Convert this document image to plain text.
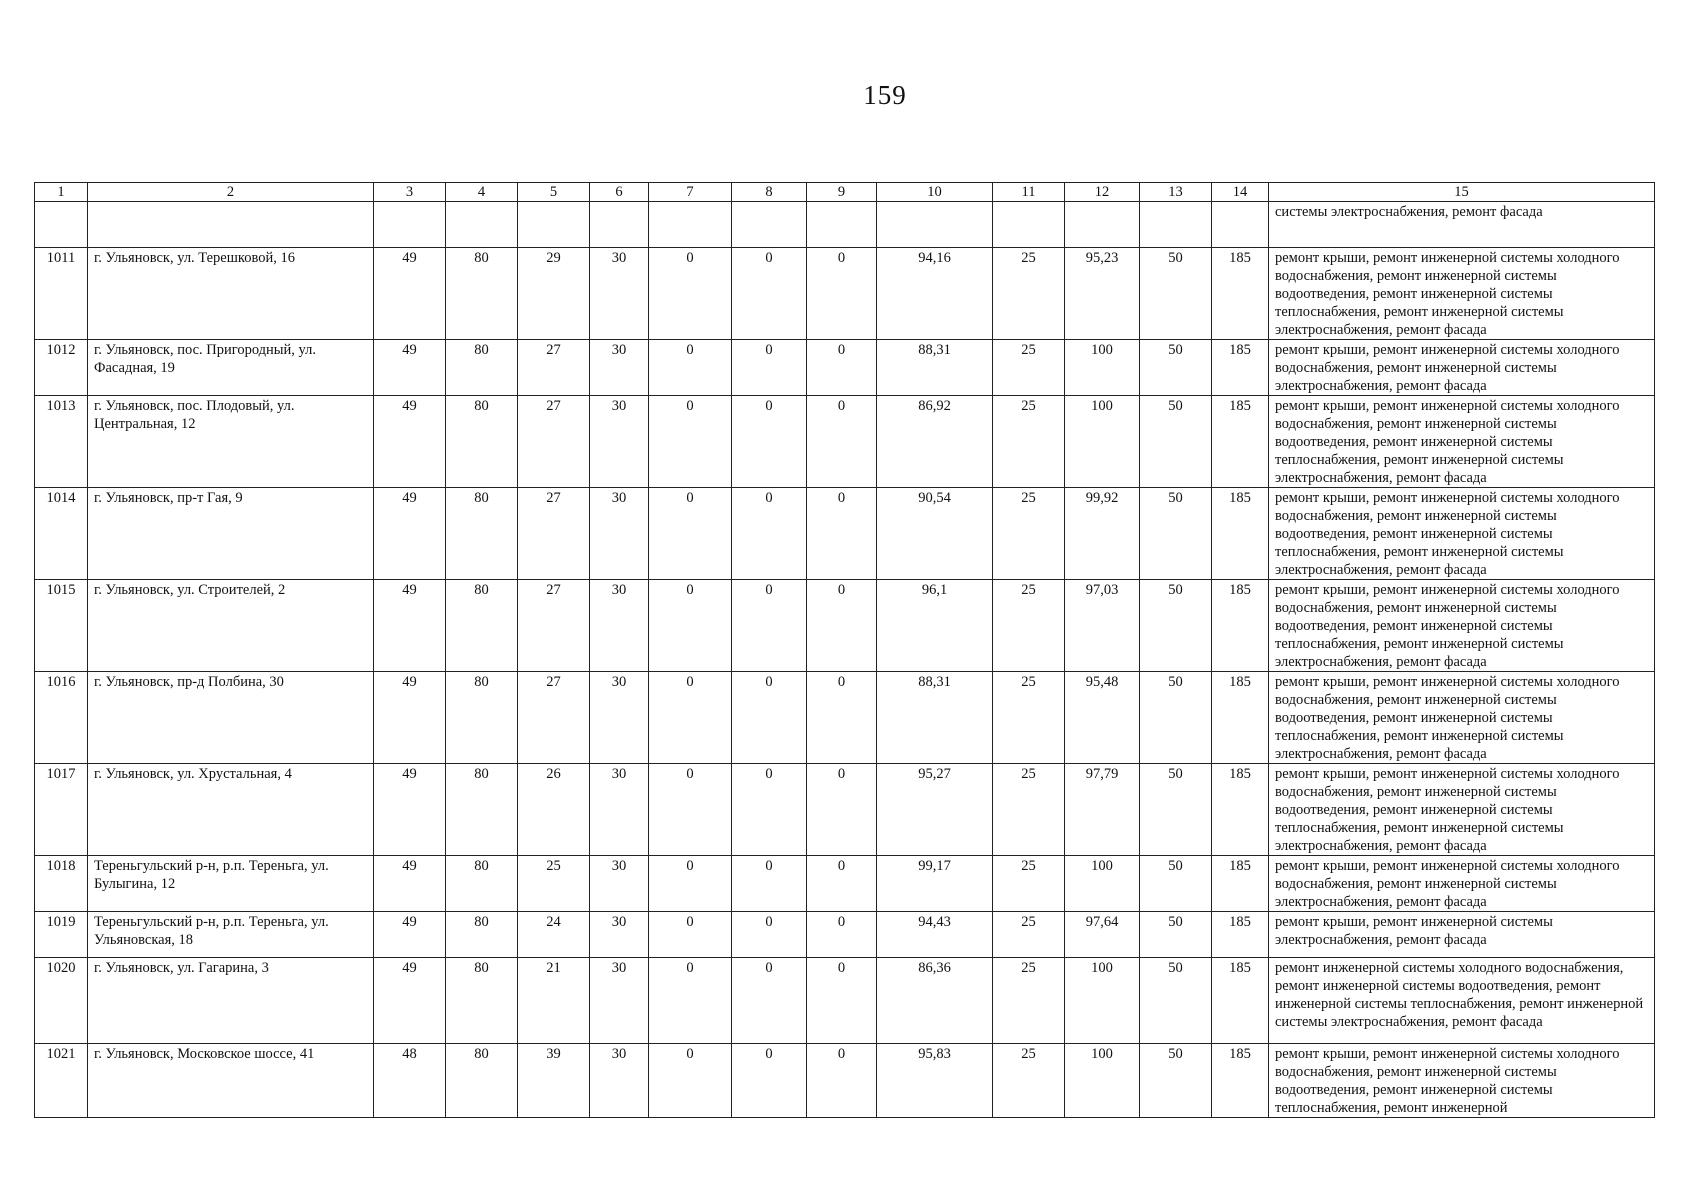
159
1	2	3	4	5	6	7	8	9	10	11	12	13	14	15
														системы электроснабжения, ремонт фасада
1011	г. Ульяновск, ул. Терешковой, 16	49	80	29	30	0	0	0	94,16	25	95,23	50	185	ремонт крыши, ремонт инженерной системы холодного водоснабжения, ремонт инженерной системы водоотведения, ремонт инженерной системы теплоснабжения, ремонт инженерной системы электроснабжения, ремонт фасада
1012	г. Ульяновск, пос. Пригородный, ул. Фасадная, 19	49	80	27	30	0	0	0	88,31	25	100	50	185	ремонт крыши, ремонт инженерной системы холодного водоснабжения, ремонт инженерной системы электроснабжения, ремонт фасада
1013	г. Ульяновск, пос. Плодовый, ул. Центральная, 12	49	80	27	30	0	0	0	86,92	25	100	50	185	ремонт крыши, ремонт инженерной системы холодного водоснабжения, ремонт инженерной системы водоотведения, ремонт инженерной системы теплоснабжения, ремонт инженерной системы электроснабжения, ремонт фасада
1014	г. Ульяновск, пр-т Гая, 9	49	80	27	30	0	0	0	90,54	25	99,92	50	185	ремонт крыши, ремонт инженерной системы холодного водоснабжения, ремонт инженерной системы водоотведения, ремонт инженерной системы теплоснабжения, ремонт инженерной системы электроснабжения, ремонт фасада
1015	г. Ульяновск, ул. Строителей, 2	49	80	27	30	0	0	0	96,1	25	97,03	50	185	ремонт крыши, ремонт инженерной системы холодного водоснабжения, ремонт инженерной системы водоотведения, ремонт инженерной системы теплоснабжения, ремонт инженерной системы электроснабжения, ремонт фасада
1016	г. Ульяновск, пр-д Полбина, 30	49	80	27	30	0	0	0	88,31	25	95,48	50	185	ремонт крыши, ремонт инженерной системы холодного водоснабжения, ремонт инженерной системы водоотведения, ремонт инженерной системы теплоснабжения, ремонт инженерной системы электроснабжения, ремонт фасада
1017	г. Ульяновск, ул. Хрустальная, 4	49	80	26	30	0	0	0	95,27	25	97,79	50	185	ремонт крыши, ремонт инженерной системы холодного водоснабжения, ремонт инженерной системы водоотведения, ремонт инженерной системы теплоснабжения, ремонт инженерной системы электроснабжения, ремонт фасада
1018	Тереньгульский р-н, р.п. Тереньга, ул. Булыгина, 12	49	80	25	30	0	0	0	99,17	25	100	50	185	ремонт крыши, ремонт инженерной системы холодного водоснабжения, ремонт инженерной системы электроснабжения, ремонт фасада
1019	Тереньгульский р-н, р.п. Тереньга, ул. Ульяновская, 18	49	80	24	30	0	0	0	94,43	25	97,64	50	185	ремонт крыши, ремонт инженерной системы электроснабжения, ремонт фасада
1020	г. Ульяновск, ул. Гагарина, 3	49	80	21	30	0	0	0	86,36	25	100	50	185	ремонт инженерной системы холодного водоснабжения, ремонт инженерной системы водоотведения, ремонт инженерной системы теплоснабжения, ремонт инженерной системы электроснабжения, ремонт фасада
1021	г. Ульяновск, Московское шоссе, 41	48	80	39	30	0	0	0	95,83	25	100	50	185	ремонт крыши, ремонт инженерной системы холодного водоснабжения, ремонт инженерной системы водоотведения, ремонт инженерной системы теплоснабжения, ремонт инженерной
